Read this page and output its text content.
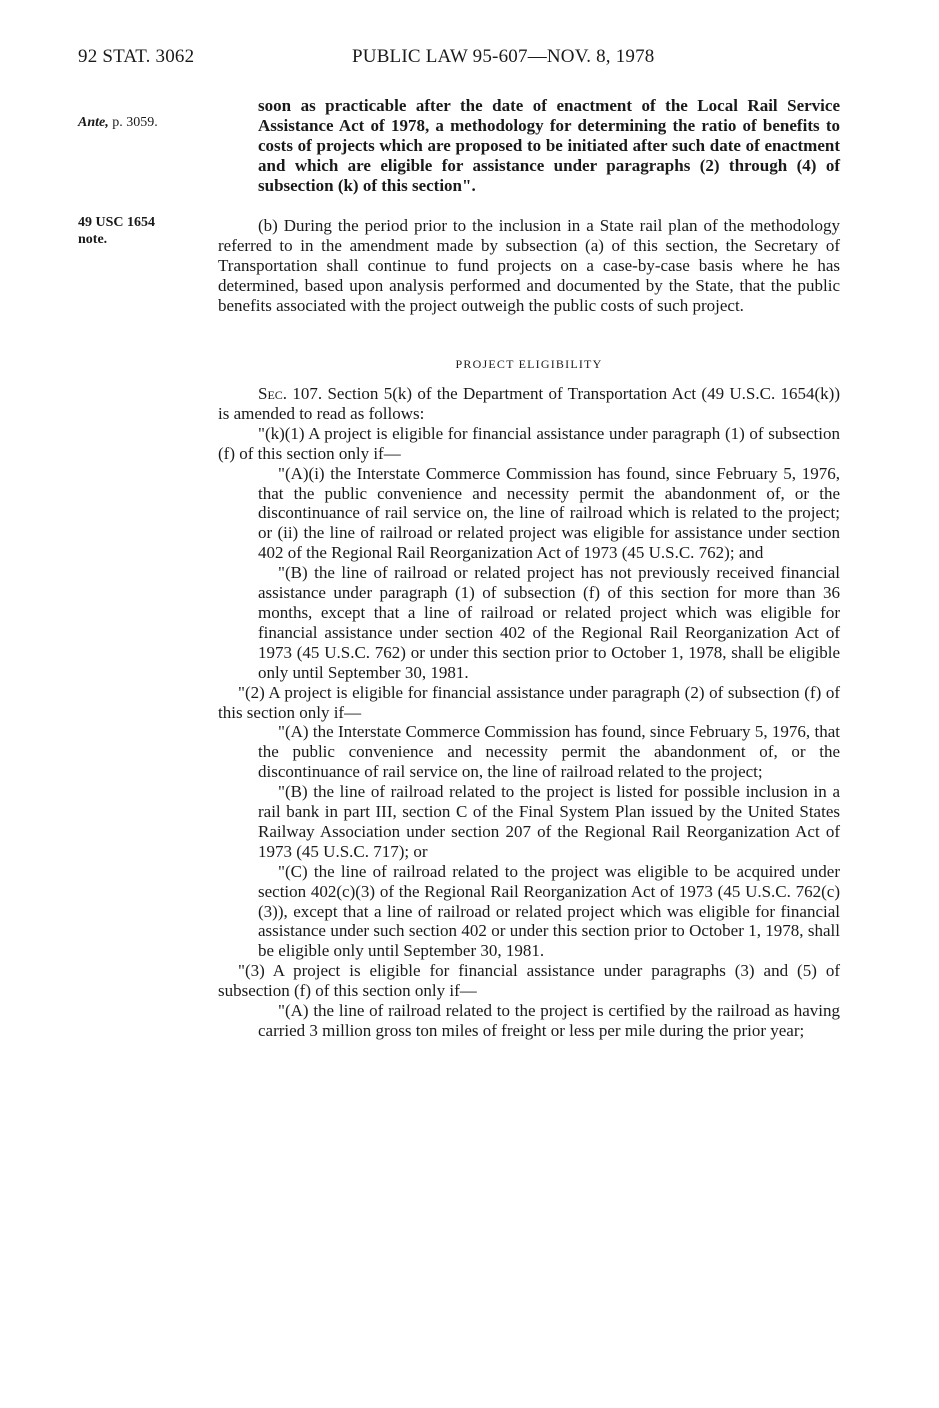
92 STAT. 3062	PUBLIC LAW 95-607—NOV. 8, 1978
Ante, p. 3059.
49 USC 1654
note.

soon as practicable after the date of enactment of the Local Rail Service Assistance Act of 1978, a methodology for determining the ratio of benefits to costs of projects which are proposed to be initiated after such date of enactment and which are eligible for assistance under paragraphs (2) through (4) of subsection (k) of this section".

(b) During the period prior to the inclusion in a State rail plan of the methodology referred to in the amendment made by subsection (a) of this section, the Secretary of Transportation shall continue to fund projects on a case-by-case basis where he has determined, based upon analysis performed and documented by the State, that the public benefits associated with the project outweigh the public costs of such project.

PROJECT ELIGIBILITY

Sec. 107. Section 5(k) of the Department of Transportation Act (49 U.S.C. 1654(k)) is amended to read as follows:

"(k)(1) A project is eligible for financial assistance under paragraph (1) of subsection (f) of this section only if—

"(A)(i) the Interstate Commerce Commission has found, since February 5, 1976, that the public convenience and necessity permit the abandonment of, or the discontinuance of rail service on, the line of railroad which is related to the project; or (ii) the line of railroad or related project was eligible for assistance under section 402 of the Regional Rail Reorganization Act of 1973 (45 U.S.C. 762); and

"(B) the line of railroad or related project has not previously received financial assistance under paragraph (1) of subsection (f) of this section for more than 36 months, except that a line of railroad or related project which was eligible for financial assistance under section 402 of the Regional Rail Reorganization Act of 1973 (45 U.S.C. 762) or under this section prior to October 1, 1978, shall be eligible only until September 30, 1981.

"(2) A project is eligible for financial assistance under paragraph (2) of subsection (f) of this section only if—

"(A) the Interstate Commerce Commission has found, since February 5, 1976, that the public convenience and necessity permit the abandonment of, or the discontinuance of rail service on, the line of railroad related to the project;

"(B) the line of railroad related to the project is listed for possible inclusion in a rail bank in part III, section C of the Final System Plan issued by the United States Railway Association under section 207 of the Regional Rail Reorganization Act of 1973 (45 U.S.C. 717); or

"(C) the line of railroad related to the project was eligible to be acquired under section 402(c)(3) of the Regional Rail Reorganization Act of 1973 (45 U.S.C. 762(c)(3)), except that a line of railroad or related project which was eligible for financial assistance under such section 402 or under this section prior to October 1, 1978, shall be eligible only until September 30, 1981.

"(3) A project is eligible for financial assistance under paragraphs (3) and (5) of subsection (f) of this section only if—

"(A) the line of railroad related to the project is certified by the railroad as having carried 3 million gross ton miles of freight or less per mile during the prior year;
